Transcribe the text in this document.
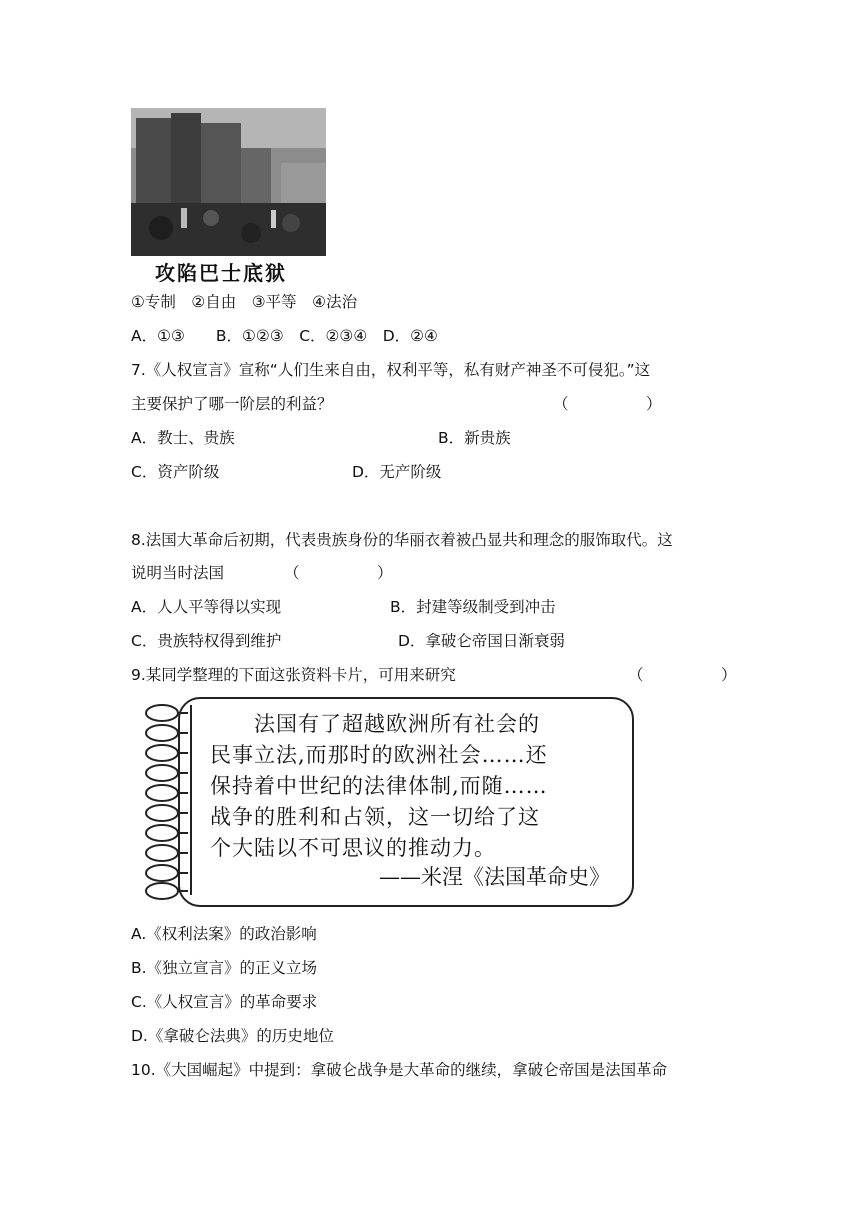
攻陷巴士底狱
①专制　②自由　③平等　④法治
A．①③　　B．①②③　C．②③④　D．②④
7.《人权宣言》宣称“人们生来自由，权利平等，私有财产神圣不可侵犯。”这
主要保护了哪一阶层的利益？	（　　　　　）
A．教士、贵族	B．新贵族
C．资产阶级	D．无产阶级
8.法国大革命后初期，代表贵族身份的华丽衣着被凸显共和理念的服饰取代。这
说明当时法国	（　　　　　）
A．人人平等得以实现	B．封建等级制受到冲击
C．贵族特权得到维护	D．拿破仑帝国日渐衰弱
9.某同学整理的下面这张资料卡片，可用来研究	（　　　　　）
　　法国有了超越欧洲所有社会的
民事立法,而那时的欧洲社会……还
保持着中世纪的法律体制,而随……
战争的胜利和占领，这一切给了这
个大陆以不可思议的推动力。
——米涅《法国革命史》
A.《权利法案》的政治影响
B.《独立宣言》的正义立场
C.《人权宣言》的革命要求
D.《拿破仑法典》的历史地位
10.《大国崛起》中提到：拿破仑战争是大革命的继续，拿破仑帝国是法国革命
